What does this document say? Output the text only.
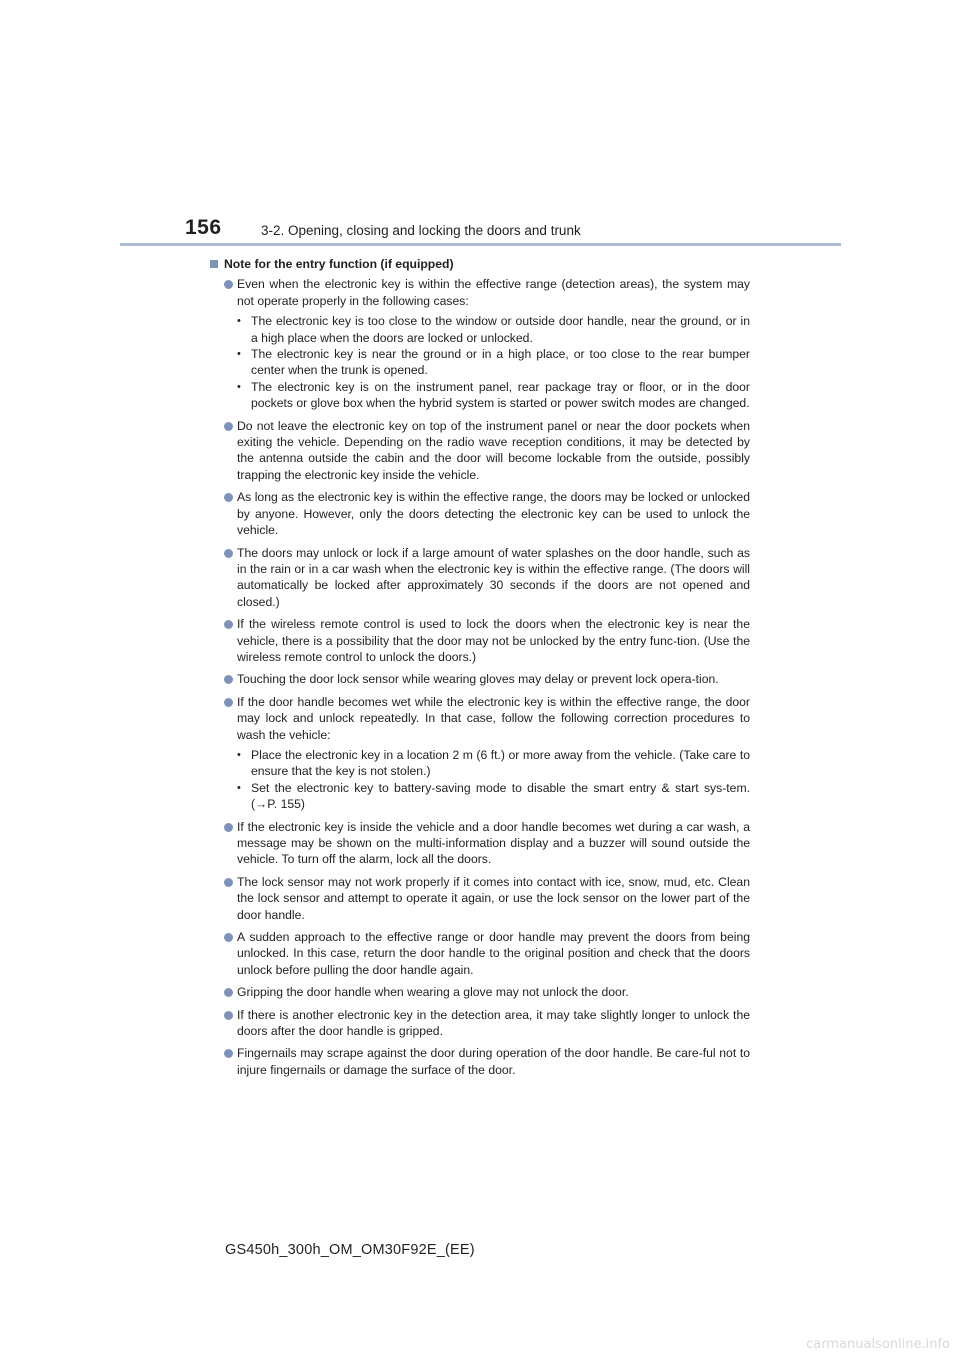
156	3-2. Opening, closing and locking the doors and trunk
Note for the entry function (if equipped)

Even when the electronic key is within the effective range (detection areas), the system may not operate properly in the following cases:

• The electronic key is too close to the window or outside door handle, near the ground, or in a high place when the doors are locked or unlocked.
• The electronic key is near the ground or in a high place, or too close to the rear bumper center when the trunk is opened.
• The electronic key is on the instrument panel, rear package tray or floor, or in the door pockets or glove box when the hybrid system is started or power switch modes are changed.

Do not leave the electronic key on top of the instrument panel or near the door pockets when exiting the vehicle. Depending on the radio wave reception conditions, it may be detected by the antenna outside the cabin and the door will become lockable from the outside, possibly trapping the electronic key inside the vehicle.

As long as the electronic key is within the effective range, the doors may be locked or unlocked by anyone. However, only the doors detecting the electronic key can be used to unlock the vehicle.

The doors may unlock or lock if a large amount of water splashes on the door handle, such as in the rain or in a car wash when the electronic key is within the effective range. (The doors will automatically be locked after approximately 30 seconds if the doors are not opened and closed.)

If the wireless remote control is used to lock the doors when the electronic key is near the vehicle, there is a possibility that the door may not be unlocked by the entry func-tion. (Use the wireless remote control to unlock the doors.)

Touching the door lock sensor while wearing gloves may delay or prevent lock opera-tion.

If the door handle becomes wet while the electronic key is within the effective range, the door may lock and unlock repeatedly. In that case, follow the following correction procedures to wash the vehicle:

• Place the electronic key in a location 2 m (6 ft.) or more away from the vehicle. (Take care to ensure that the key is not stolen.)
• Set the electronic key to battery-saving mode to disable the smart entry & start sys-tem. (→P. 155)

If the electronic key is inside the vehicle and a door handle becomes wet during a car wash, a message may be shown on the multi-information display and a buzzer will sound outside the vehicle. To turn off the alarm, lock all the doors.

The lock sensor may not work properly if it comes into contact with ice, snow, mud, etc. Clean the lock sensor and attempt to operate it again, or use the lock sensor on the lower part of the door handle.

A sudden approach to the effective range or door handle may prevent the doors from being unlocked. In this case, return the door handle to the original position and check that the doors unlock before pulling the door handle again.

Gripping the door handle when wearing a glove may not unlock the door.

If there is another electronic key in the detection area, it may take slightly longer to unlock the doors after the door handle is gripped.

Fingernails may scrape against the door during operation of the door handle. Be care-ful not to injure fingernails or damage the surface of the door.

GS450h_300h_OM_OM30F92E_(EE)
carmanualsonline.info
